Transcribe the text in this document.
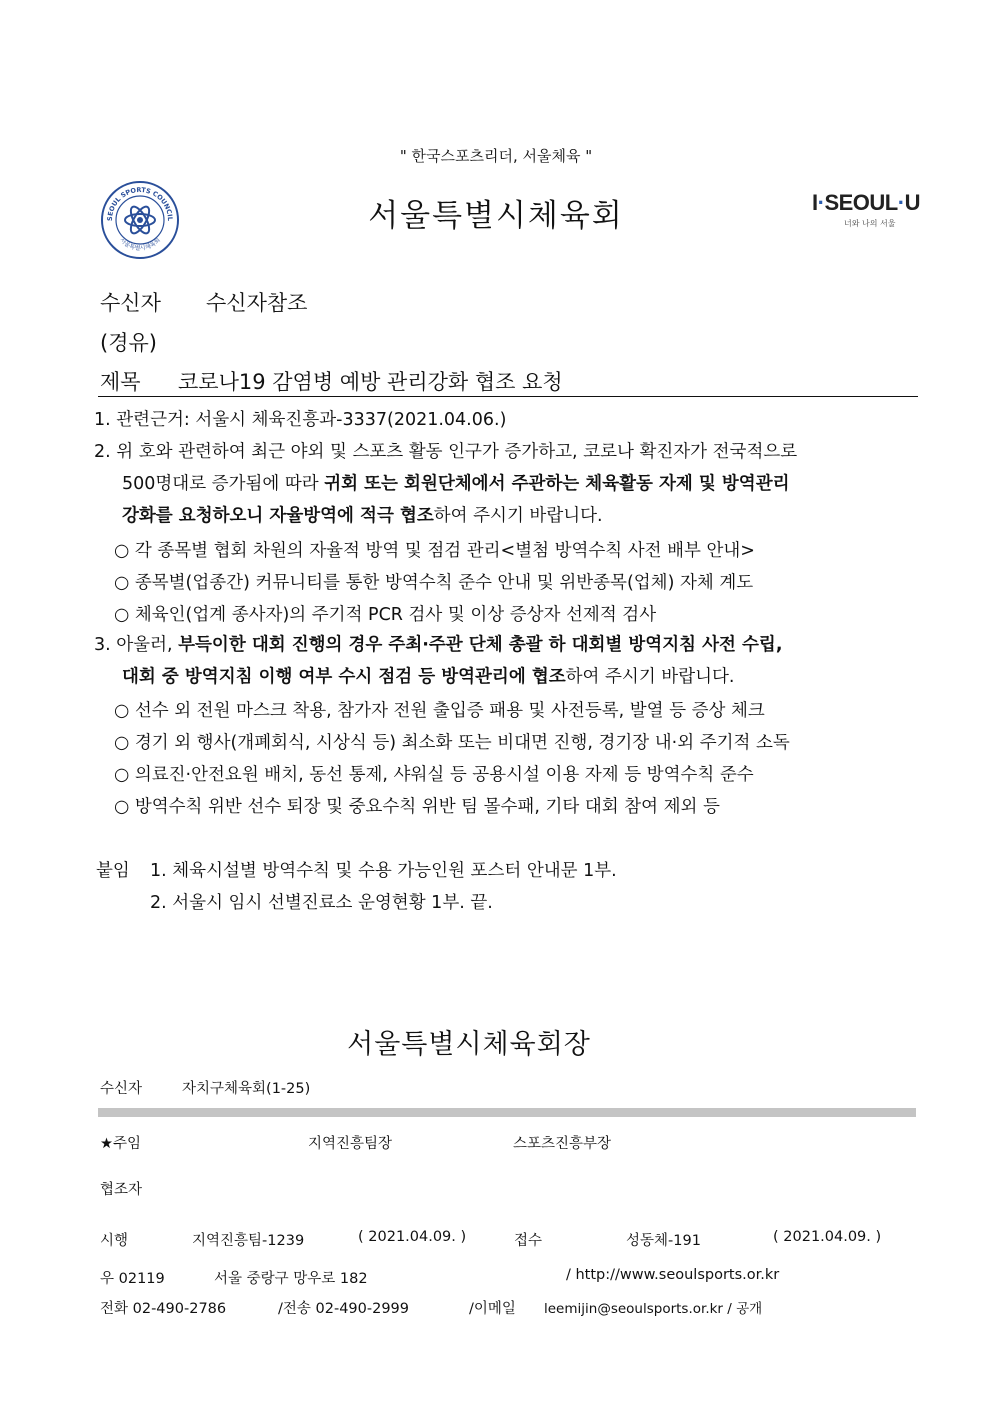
" 한국스포츠리더, 서울체육 "
SEOUL SPORTS COUNCIL
서울특별시체육회
서울특별시체육회	I·SEOUL·U
너와 나의 서울
수신자 수신자참조
(경유)
제목 코로나19 감염병 예방 관리강화 협조 요청
1. 관련근거: 서울시 체육진흥과-3337(2021.04.06.)
2. 위 호와 관련하여 최근 야외 및 스포츠 활동 인구가 증가하고, 코로나 확진자가 전국적으로
500명대로 증가됨에 따라 귀회 또는 회원단체에서 주관하는 체육활동 자제 및 방역관리
강화를 요청하오니 자율방역에 적극 협조하여 주시기 바랍니다.
○ 각 종목별 협회 차원의 자율적 방역 및 점검 관리<별첨 방역수칙 사전 배부 안내>
○ 종목별(업종간) 커뮤니티를 통한 방역수칙 준수 안내 및 위반종목(업체) 자체 계도
○ 체육인(업계 종사자)의 주기적 PCR 검사 및 이상 증상자 선제적 검사
3. 아울러, 부득이한 대회 진행의 경우 주최·주관 단체 총괄 하 대회별 방역지침 사전 수립,
대회 중 방역지침 이행 여부 수시 점검 등 방역관리에 협조하여 주시기 바랍니다.
○ 선수 외 전원 마스크 착용, 참가자 전원 출입증 패용 및 사전등록, 발열 등 증상 체크
○ 경기 외 행사(개폐회식, 시상식 등) 최소화 또는 비대면 진행, 경기장 내·외 주기적 소독
○ 의료진·안전요원 배치, 동선 통제, 샤워실 등 공용시설 이용 자제 등 방역수칙 준수
○ 방역수칙 위반 선수 퇴장 및 중요수칙 위반 팀 몰수패, 기타 대회 참여 제외 등
붙임 1. 체육시설별 방역수칙 및 수용 가능인원 포스터 안내문 1부.
2. 서울시 임시 선별진료소 운영현황 1부. 끝.
서울특별시체육회장
수신자	자치구체육회(1-25)
★주임	지역진흥팀장	스포츠진흥부장
협조자
시행	지역진흥팀-1239	( 2021.04.09. )	접수	성동체-191	( 2021.04.09. )
우 02119	서울 중랑구 망우로 182	/ http://www.seoulsports.or.kr
전화 02-490-2786	/전송 02-490-2999	/이메일 leemijin@seoulsports.or.kr / 공개
